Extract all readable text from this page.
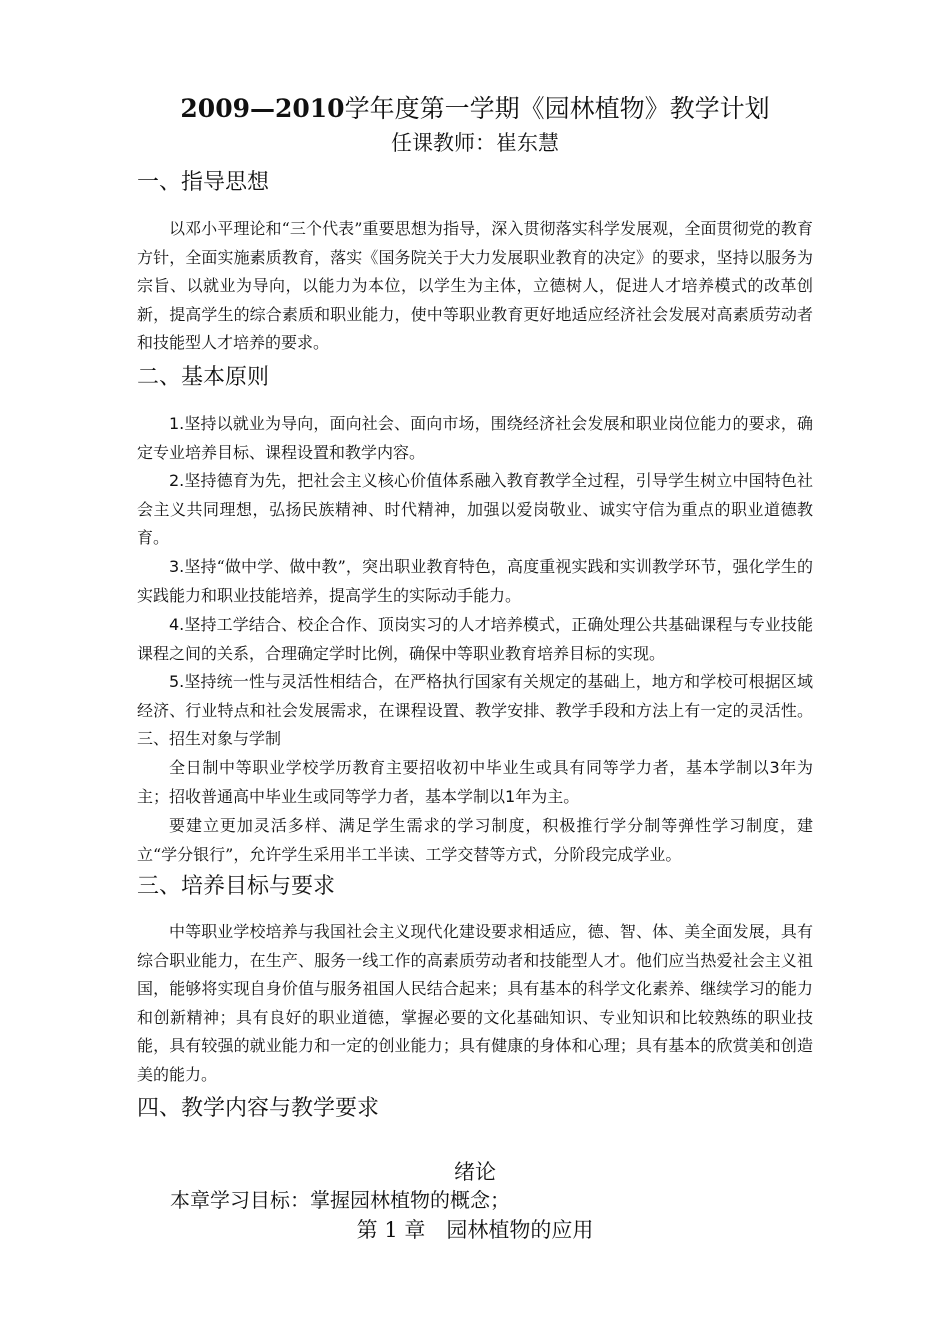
2009—2010学年度第一学期《园林植物》教学计划
任课教师：崔东慧
一、指导思想

以邓小平理论和“三个代表”重要思想为指导，深入贯彻落实科学发展观，全面贯彻党的教育方针，全面实施素质教育，落实《国务院关于大力发展职业教育的决定》的要求，坚持以服务为宗旨、以就业为导向，以能力为本位，以学生为主体，立德树人，促进人才培养模式的改革创新，提高学生的综合素质和职业能力，使中等职业教育更好地适应经济社会发展对高素质劳动者和技能型人才培养的要求。

二、基本原则

1.坚持以就业为导向，面向社会、面向市场，围绕经济社会发展和职业岗位能力的要求，确定专业培养目标、课程设置和教学内容。

2.坚持德育为先，把社会主义核心价值体系融入教育教学全过程，引导学生树立中国特色社会主义共同理想，弘扬民族精神、时代精神，加强以爱岗敬业、诚实守信为重点的职业道德教育。

3.坚持“做中学、做中教”，突出职业教育特色，高度重视实践和实训教学环节，强化学生的实践能力和职业技能培养，提高学生的实际动手能力。

4.坚持工学结合、校企合作、顶岗实习的人才培养模式，正确处理公共基础课程与专业技能课程之间的关系，合理确定学时比例，确保中等职业教育培养目标的实现。

5.坚持统一性与灵活性相结合，在严格执行国家有关规定的基础上，地方和学校可根据区域经济、行业特点和社会发展需求，在课程设置、教学安排、教学手段和方法上有一定的灵活性。三、招生对象与学制

全日制中等职业学校学历教育主要招收初中毕业生或具有同等学力者，基本学制以3年为主；招收普通高中毕业生或同等学力者，基本学制以1年为主。

要建立更加灵活多样、满足学生需求的学习制度，积极推行学分制等弹性学习制度，建立“学分银行”，允许学生采用半工半读、工学交替等方式，分阶段完成学业。

三、培养目标与要求

中等职业学校培养与我国社会主义现代化建设要求相适应，德、智、体、美全面发展，具有综合职业能力，在生产、服务一线工作的高素质劳动者和技能型人才。他们应当热爱社会主义祖国，能够将实现自身价值与服务祖国人民结合起来；具有基本的科学文化素养、继续学习的能力和创新精神；具有良好的职业道德，掌握必要的文化基础知识、专业知识和比较熟练的职业技能，具有较强的就业能力和一定的创业能力；具有健康的身体和心理；具有基本的欣赏美和创造美的能力。

四、教学内容与教学要求
绪论
本章学习目标：掌握园林植物的概念；
第 1 章　园林植物的应用
